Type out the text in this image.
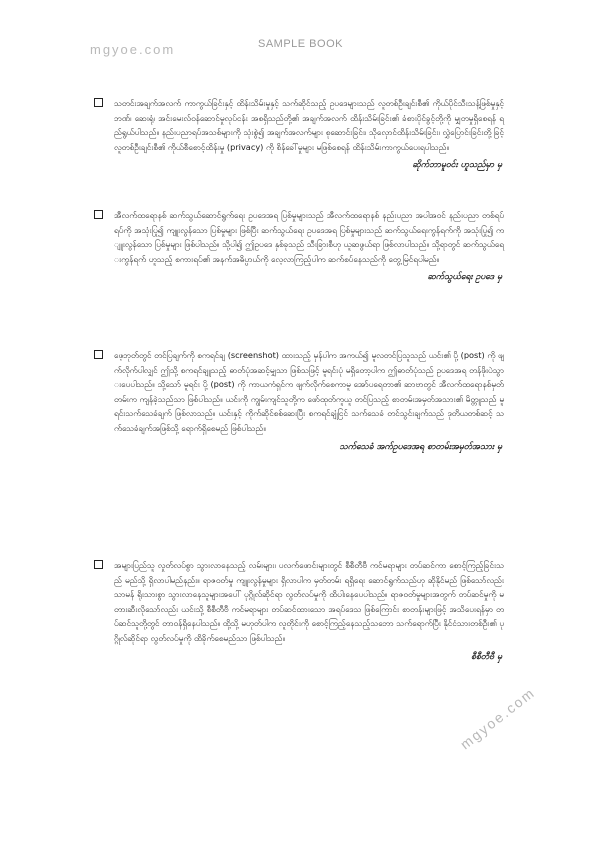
mgyoe.com	SAMPLE BOOK
သတင်းအချက်အလက် ကာကွယ်ခြင်းနှင့် ထိန်းသိမ်းမှုနှင့် သက်ဆိုင်သည့် ဥပဒေများသည် လူတစ်ဦးချင်းစီ၏ ကိုယ်ပိုင်သီးသန့်ဖြစ်မှုနှင့် ဘဏ်၊ ဆေးရုံ၊ အင်းမေးလ်ဝန်ဆောင်မှုလုပ်ငန်း အစရှိသည်တို့၏ အချက်အလက် ထိန်းသိမ်းခြင်း၏ ခံစားပိုင်ခွင့်တို့ကို မျှတမှုရှိစေရန် ရည်ရွယ်ပါသည်။ နည်းပညာရပ်အသစ်များကို သုံးစွဲ၍ အချက်အလက်များ စုဆောင်းခြင်း၊ သိုလှောင်ထိန်းသိမ်းခြင်း၊ လွှဲပြောင်းခြင်းတို့ခြင့် လူတစ်ဦးချင်းစီ၏ ကိုယ်စီစောင့်ထိန်းမှု (privacy) ကို စိန်ခေါ်မှုများ မဖြစ်စေရန် ထိန်းသိမ်းကာကွယ်ပေးရပါသည်။
ဆိုက်ဘာမူဝင်း ဟူသည်မှာ မှ
အီလက်ထရောနစ် ဆက်သွယ်ဆောင်ရွက်ရေး ဥပဒေအရ ပြစ်မှုများသည် အီလက်ထရောနစ် နည်းပညာ အပါအဝင် နည်းပညာ တစ်ရပ်ရပ်ကို အသုံးပြု၍ ကျူးလွန်သော ပြစ်မှုများ ဖြစ်ပြီး ဆက်သွယ်ရေး ဥပဒေအရ ပြစ်မှုများသည် ဆက်သွယ်ရေးကွန်ရက်ကို အသုံးပြု၍ ကျူးလွန်သော ပြစ်မှုများ ဖြစ်ပါသည်။ သို့ပါ၍ ဤဥပဒေ နှစ်ခုသည် သီးခြားစီဟု ယူဆဖွယ်ရာ ဖြစ်လာပါသည်။ သို့ရာတွင် ဆက်သွယ်ရေးကွန်ရက် ဟူသည့် စကားရပ်၏ အနက်အဓိပ္ပာယ်ကို လေ့လာကြည့်ပါက ဆက်စပ်နေသည်ကို တွေ့မြင်ရပါမည်။
ဆက်သွယ်ရေး ဥပဒေ မှ
ဖေ့ဘုတ်တွင် တင်ပြချက်ကို စကရင်ချ (screenshot) ထားသည့် မှန်ပါက အကယ်၍ မူလတင်ပြသူသည် ယင်း၏ ပို့ (post) ကို ဖျက်လိုက်ပါလျှင် ဤသို့ စကရင်ချူသည့် ဓာတ်ပုံအဆင့်မျှသာ ဖြစ်သဖြင့် မူရင်းပုံ မရှိတော့ပါက ဤဓာတ်ပုံသည် ဥပဒေအရ တန်ဖိုးပဲသွားပေပါသည်။ သို့သော် မူရင်း ပို့ (post) ကို ကာယကံရှင်က ဖျက်လိုက်စေကာမူ အော်ပရေတာ၏ ဆာဗာတွင် အီလက်ထရောနစ်မှတ်တမ်းက ကျန်ခဲ့သည်သာ ဖြစ်ပါသည်။ ယင်းကို ကျွမ်းကျင်သူတို့က ဖော်ထုတ်ကူယူ တင်ပြသည့် စာတမ်းအမှတ်အသား၏ မိတ္တူသည် မူရင်းသက်သေခံချက် ဖြစ်လာသည်။ ယင်းနှင့် ကိုက်ဆိုင်စစ်ဆေးပြီး စကရင်ချုံငြင် သက်သေခံ တင်သွင်းချက်သည် ဒုတိယတစ်ဆင့် သက်သေခံချက်အဖြစ်သို့ ရောက်ရှိစေမည် ဖြစ်ပါသည်။
သက်သေခံ အက်ဥပဒေအရ စာတမ်းအမှတ်အသား မှ
အများပြည်သူ လှုတ်လပ်စွာ သွားလာနေသည့် လမ်းများ၊ ပလက်ဖောင်းများတွင် စီစီတီဗီ ကင်မရာများ တပ်ဆင်ကာ စောင့်ကြည့်ခြင်းသည် မည်သို့ ရှိလာပါမည်နည်း။ ရာဇဝတ်မှု ကျူးလွန်မှုများ ရှိလာပါက မှတ်တမ်း ရရှိရေး ဆောင်ရွက်သည်ဟု ဆိုနိုင်မည် ဖြစ်သော်လည်း သာမန် ရိုးသားစွာ သွားလာနေသူများအပေါ် ပုဂ္ဂိုလ်ဆိုင်ရာ လွတ်လပ်မှုကို ထိပါးနေပေပါသည်။ ရာဇဝတ်မှုများအတွက် တပ်ဆင်မှုကို မတားဆီးလိုသော်လည်း ယင်းသို့ စီစီတီဗီ ကင်မရာများ တပ်ဆင်ထားသော အရပ်ဒေသ ဖြစ်ကြောင်း စာတန်းများဖြင့် အသိပေးရန်မှာ တပ်ဆင်သူတို့တွင် တာဝန်ရှိနေပါသည်။ ထို့သို့ မဟုတ်ပါက လူတိုင်းကို စောင့်ကြည့်နေသည့်သဘော သက်ရောက်ပြီး နိုင်ငံသားတစ်ဦး၏ ပုဂ္ဂိုလ်ဆိုင်ရာ လွတ်လပ်မှုကို ထိခိုက်စေမည်သာ ဖြစ်ပါသည်။
စီစီတီဗီ မှ
mgyoe.com
